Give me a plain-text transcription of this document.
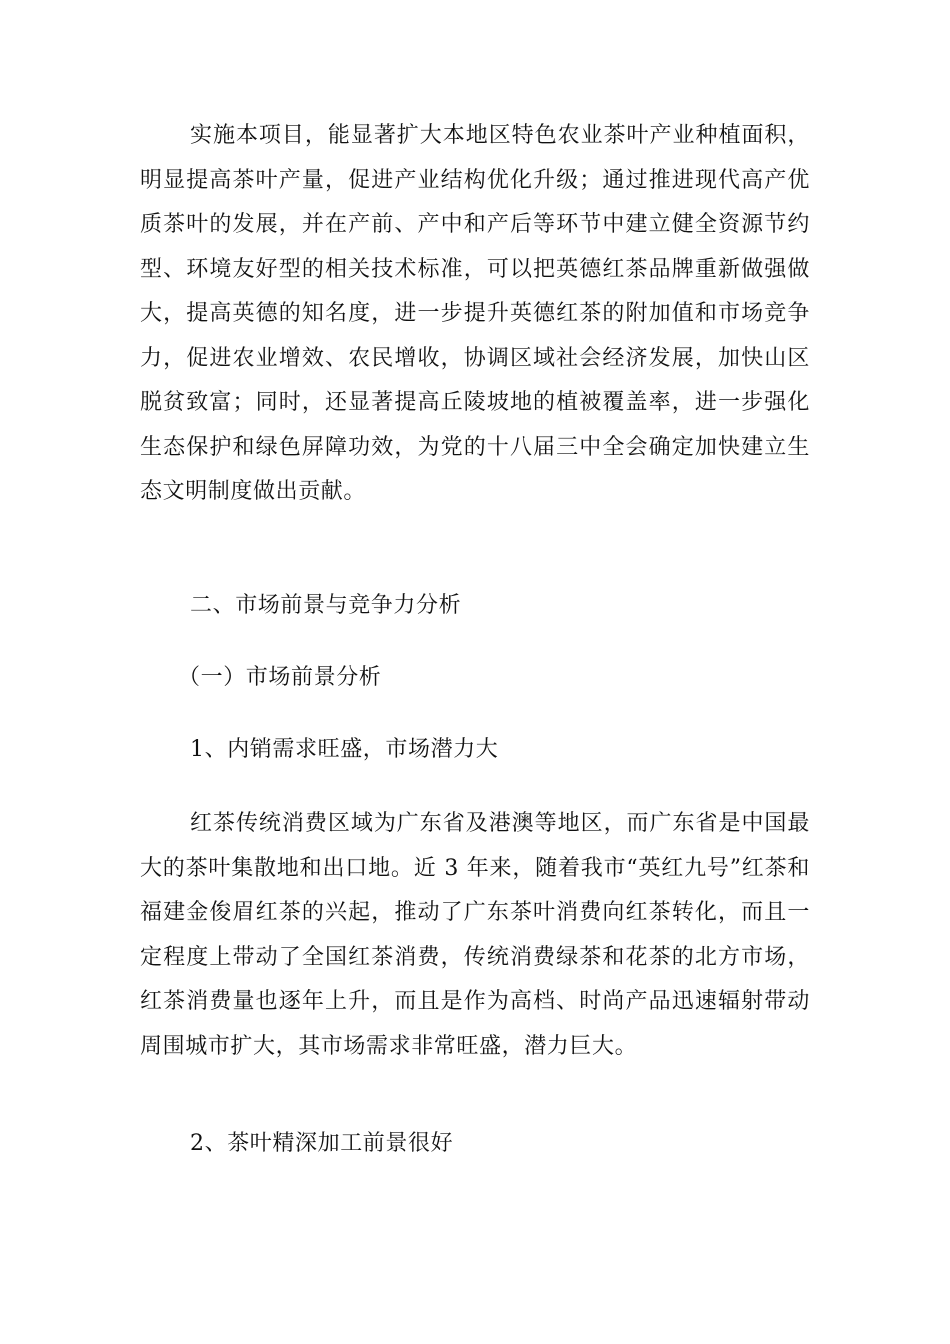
实施本项目，能显著扩大本地区特色农业茶叶产业种植面积，明显提高茶叶产量，促进产业结构优化升级；通过推进现代高产优质茶叶的发展，并在产前、产中和产后等环节中建立健全资源节约型、环境友好型的相关技术标准，可以把英德红茶品牌重新做强做大，提高英德的知名度，进一步提升英德红茶的附加值和市场竞争力，促进农业增效、农民增收，协调区域社会经济发展，加快山区脱贫致富；同时，还显著提高丘陵坡地的植被覆盖率，进一步强化生态保护和绿色屏障功效，为党的十八届三中全会确定加快建立生态文明制度做出贡献。

二、市场前景与竞争力分析

（一）市场前景分析

1、内销需求旺盛，市场潜力大

红茶传统消费区域为广东省及港澳等地区，而广东省是中国最大的茶叶集散地和出口地。近 3 年来，随着我市“英红九号”红茶和福建金俊眉红茶的兴起，推动了广东茶叶消费向红茶转化，而且一定程度上带动了全国红茶消费，传统消费绿茶和花茶的北方市场，红茶消费量也逐年上升，而且是作为高档、时尚产品迅速辐射带动周围城市扩大，其市场需求非常旺盛，潜力巨大。

2、茶叶精深加工前景很好
